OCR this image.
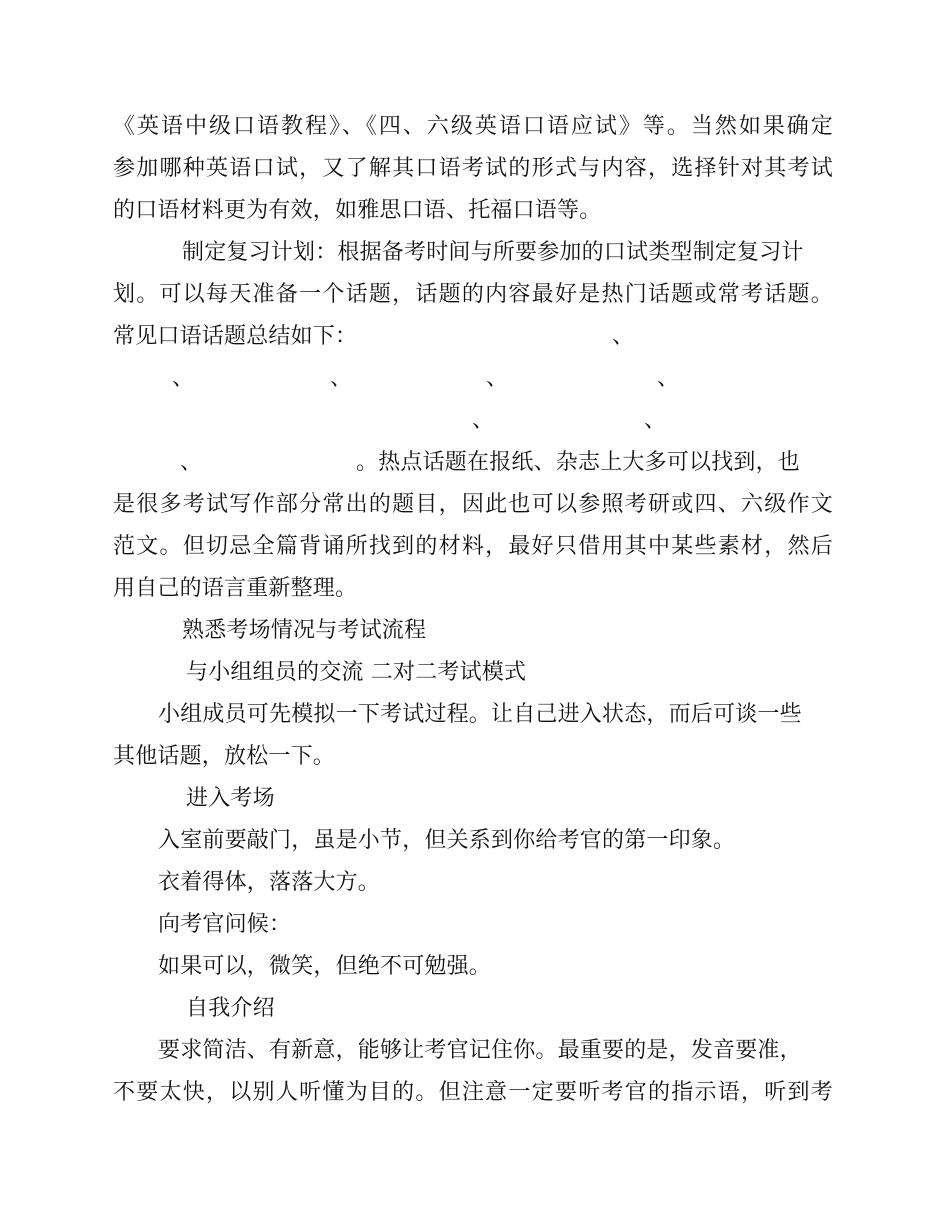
《英语中级口语教程》、《四、六级英语口语应试》等。当然如果确定
参加哪种英语口试，又了解其口语考试的形式与内容，选择针对其考试
的口语材料更为有效，如雅思口语、托福口语等。
制定复习计划：根据备考时间与所要参加的口试类型制定复习计
划。可以每天准备一个话题，话题的内容最好是热门话题或常考话题。
常见口语话题总结如下：	、
、	、	、	、
、	、
、	。热点话题在报纸、杂志上大多可以找到，也
是很多考试写作部分常出的题目，因此也可以参照考研或四、六级作文
范文。但切忌全篇背诵所找到的材料，最好只借用其中某些素材，然后
用自己的语言重新整理。
熟悉考场情况与考试流程
与小组组员的交流 二对二考试模式
小组成员可先模拟一下考试过程。让自己进入状态，而后可谈一些
其他话题，放松一下。
进入考场
入室前要敲门，虽是小节，但关系到你给考官的第一印象。
衣着得体，落落大方。
向考官问候：
如果可以，微笑，但绝不可勉强。
自我介绍
要求简洁、有新意，能够让考官记住你。最重要的是，发音要准，
不要太快，以别人听懂为目的。但注意一定要听考官的指示语，听到考
